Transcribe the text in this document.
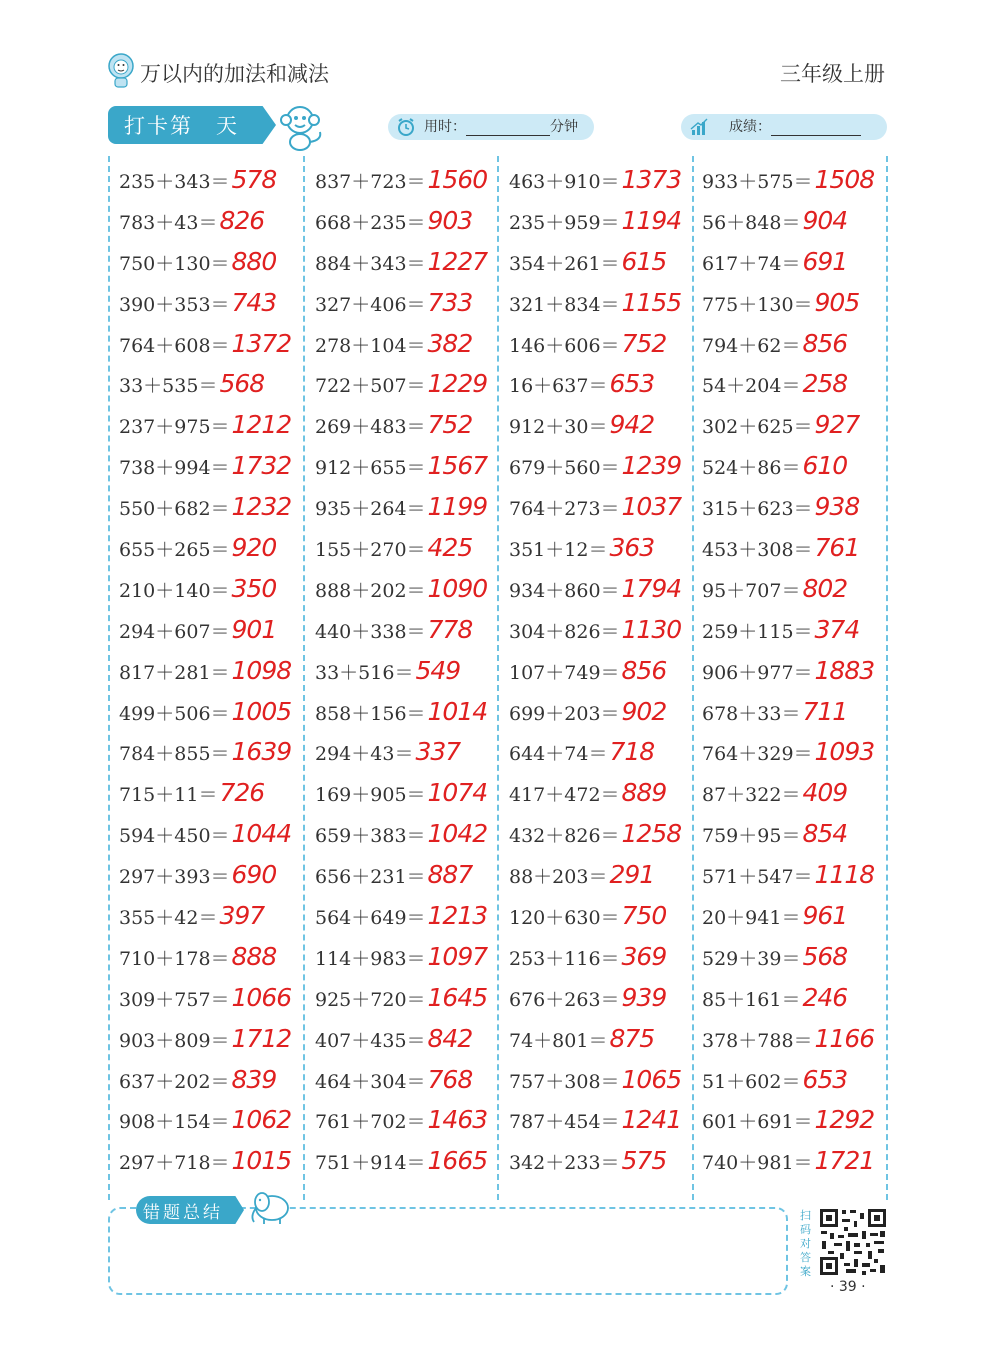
万以内的加法和减法	三年级上册
打卡第　天	用时：	分钟	成绩：
235＋343＝578
783＋43＝826
750＋130＝880
390＋353＝743
764＋608＝1372
33＋535＝568
237＋975＝1212
738＋994＝1732
550＋682＝1232
655＋265＝920
210＋140＝350
294＋607＝901
817＋281＝1098
499＋506＝1005
784＋855＝1639
715＋11＝726
594＋450＝1044
297＋393＝690
355＋42＝397
710＋178＝888
309＋757＝1066
903＋809＝1712
637＋202＝839
908＋154＝1062
297＋718＝1015
837＋723＝1560
668＋235＝903
884＋343＝1227
327＋406＝733
278＋104＝382
722＋507＝1229
269＋483＝752
912＋655＝1567
935＋264＝1199
155＋270＝425
888＋202＝1090
440＋338＝778
33＋516＝549
858＋156＝1014
294＋43＝337
169＋905＝1074
659＋383＝1042
656＋231＝887
564＋649＝1213
114＋983＝1097
925＋720＝1645
407＋435＝842
464＋304＝768
761＋702＝1463
751＋914＝1665
463＋910＝1373
235＋959＝1194
354＋261＝615
321＋834＝1155
146＋606＝752
16＋637＝653
912＋30＝942
679＋560＝1239
764＋273＝1037
351＋12＝363
934＋860＝1794
304＋826＝1130
107＋749＝856
699＋203＝902
644＋74＝718
417＋472＝889
432＋826＝1258
88＋203＝291
120＋630＝750
253＋116＝369
676＋263＝939
74＋801＝875
757＋308＝1065
787＋454＝1241
342＋233＝575
933＋575＝1508
56＋848＝904
617＋74＝691
775＋130＝905
794＋62＝856
54＋204＝258
302＋625＝927
524＋86＝610
315＋623＝938
453＋308＝761
95＋707＝802
259＋115＝374
906＋977＝1883
678＋33＝711
764＋329＝1093
87＋322＝409
759＋95＝854
571＋547＝1118
20＋941＝961
529＋39＝568
85＋161＝246
378＋788＝1166
51＋602＝653
601＋691＝1292
740＋981＝1721
错题总结	扫码对答案
· 39 ·
